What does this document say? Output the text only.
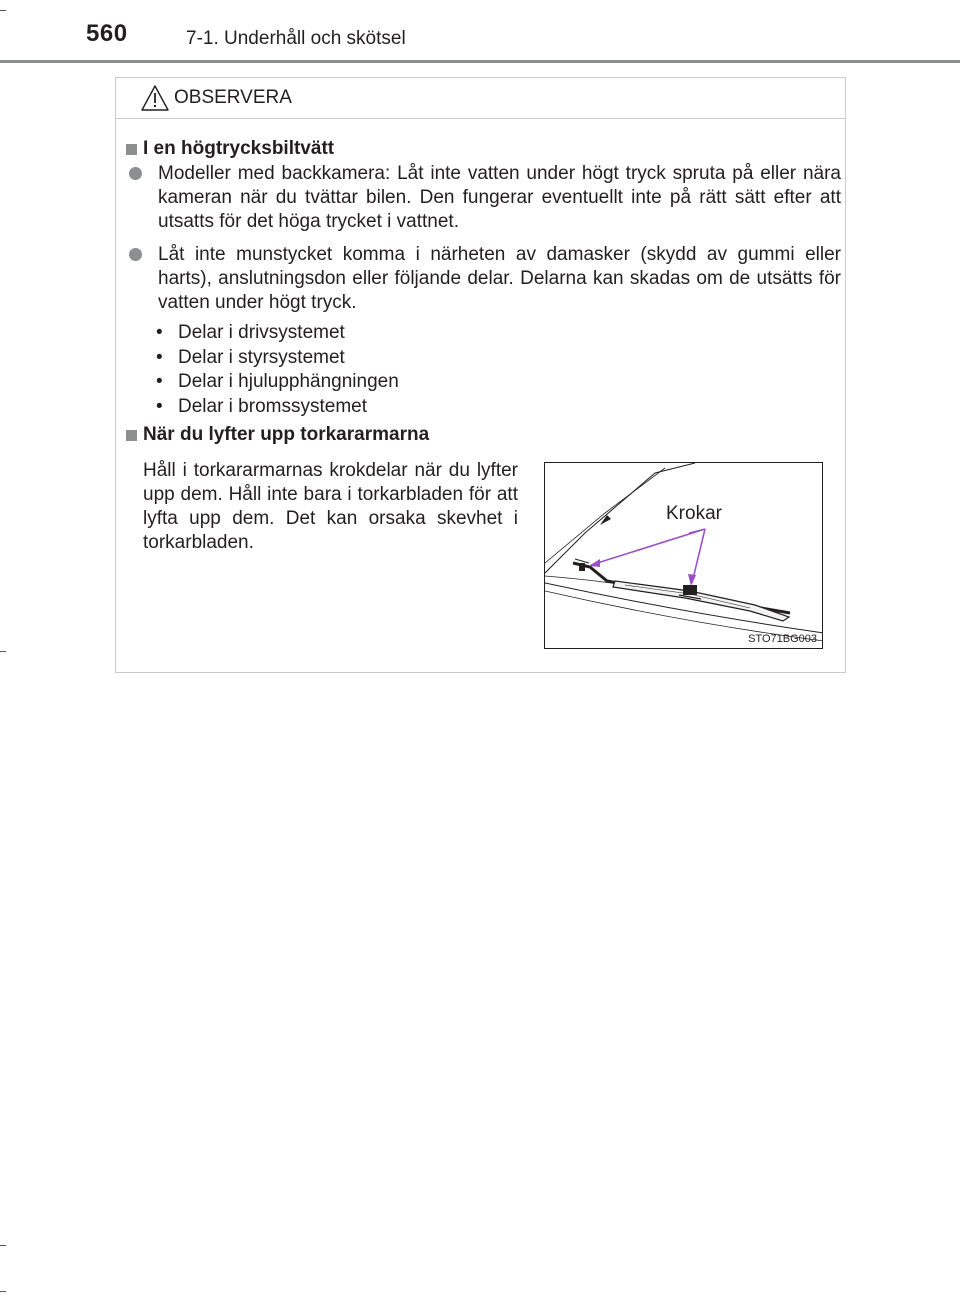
560	7-1. Underhåll och skötsel
OBSERVERA
I en högtrycksbiltvätt
Modeller med backkamera: Låt inte vatten under högt tryck spruta på eller nära kameran när du tvättar bilen. Den fungerar eventuellt inte på rätt sätt efter att utsatts för det höga trycket i vattnet.
Låt inte munstycket komma i närheten av damasker (skydd av gummi eller harts), anslutningsdon eller följande delar. Delarna kan skadas om de utsätts för vatten under högt tryck.
• Delar i drivsystemet
• Delar i styrsystemet
• Delar i hjulupphängningen
• Delar i bromssystemet
När du lyfter upp torkararmarna
Håll i torkararmarnas krokdelar när du lyfter upp dem. Håll inte bara i torkarbladen för att lyfta upp dem. Det kan orsaka skevhet i torkarbladen.
Krokar
STO71BG003
